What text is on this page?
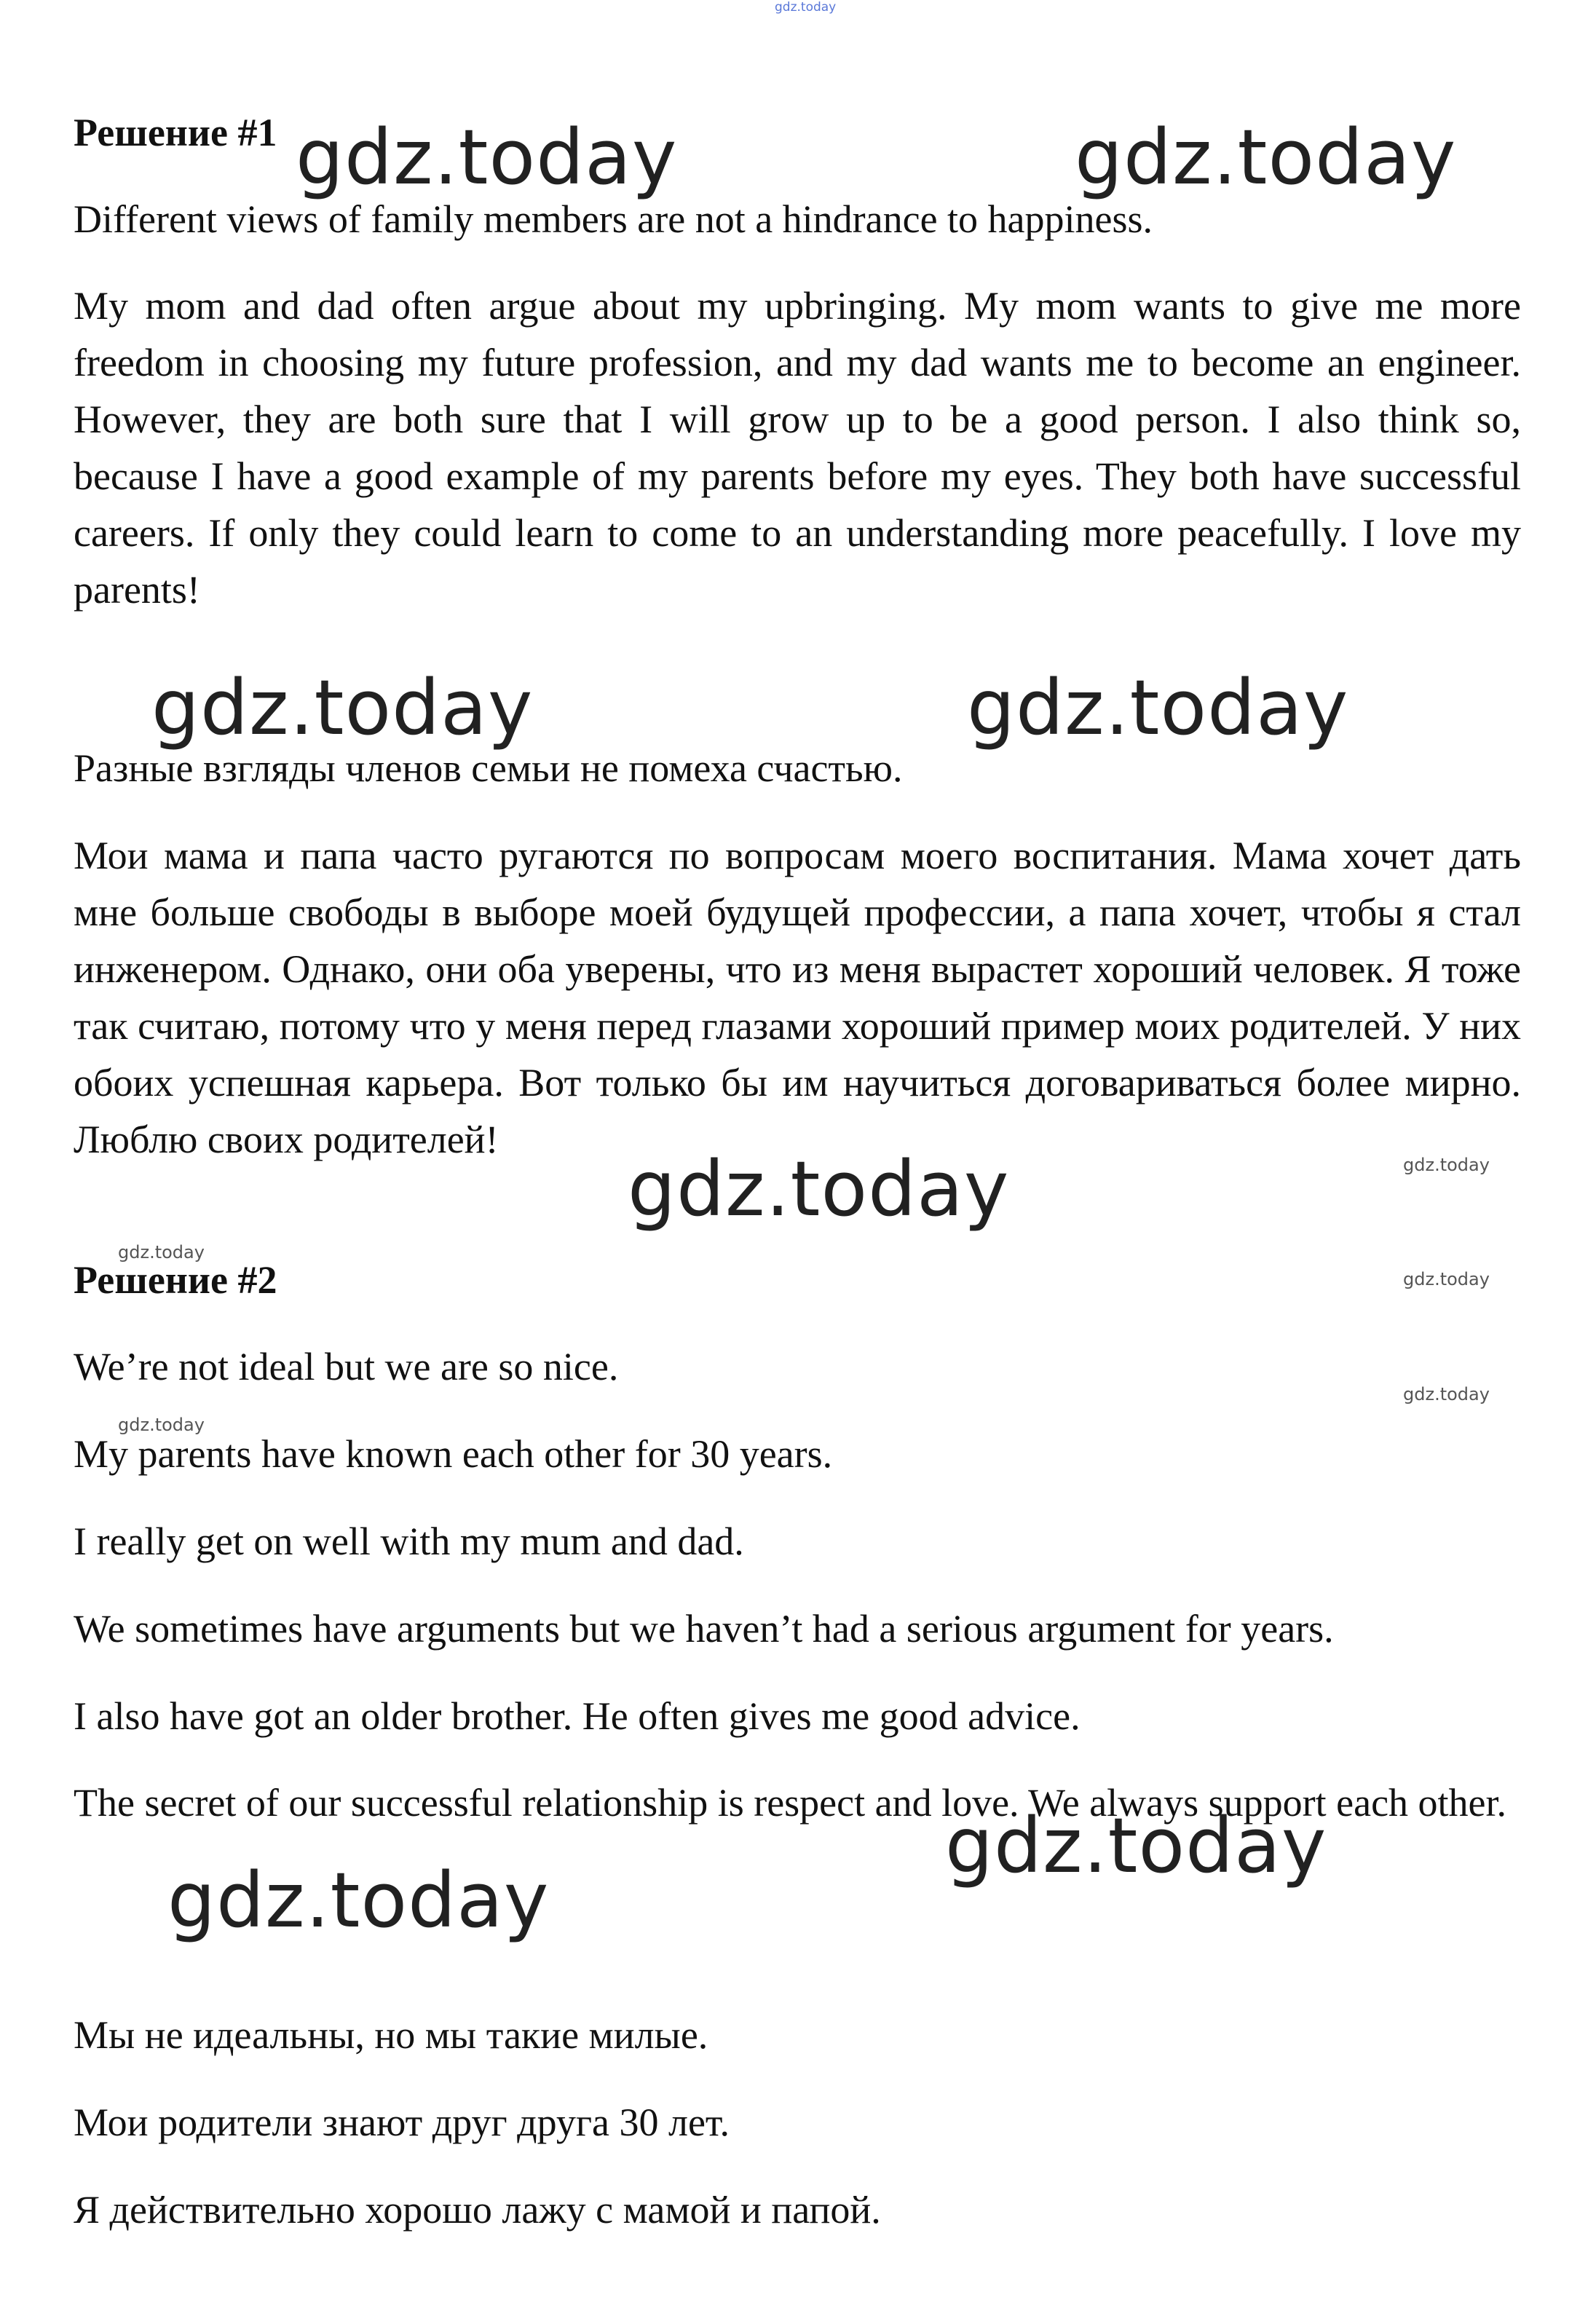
gdz.today
Решение #1

Different views of family members are not a hindrance to happiness.

My mom and dad often argue about my upbringing. My mom wants to give me more freedom in choosing my future profession, and my dad wants me to become an engineer. However, they are both sure that I will grow up to be a good person. I also think so, because I have a good example of my parents before my eyes. They both have successful careers. If only they could learn to come to an understanding more peacefully. I love my parents!

Разные взгляды членов семьи не помеха счастью.

Мои мама и папа часто ругаются по вопросам моего воспитания. Мама хочет дать мне больше свободы в выборе моей будущей профессии, а папа хочет, чтобы я стал инженером. Однако, они оба уверены, что из меня вырастет хороший человек. Я тоже так считаю, потому что у меня перед глазами хороший пример моих родителей. У них обоих успешная карьера. Вот только бы им научиться договариваться более мирно. Люблю своих родителей!

Решение #2

We’re not ideal but we are so nice.

My parents have known each other for 30 years.

I really get on well with my mum and dad.

We sometimes have arguments but we haven’t had a serious argument for years.

I also have got an older brother. He often gives me good advice.

The secret of our successful relationship is respect and love. We always support each other.

Мы не идеальны, но мы такие милые.

Мои родители знают друг друга 30 лет.

Я действительно хорошо лажу с мамой и папой.

gdz.today	gdz.today
gdz.today	gdz.today
gdz.today
gdz.today
gdz.today
gdz.today
gdz.today
gdz.today
gdz.today
gdz.today
